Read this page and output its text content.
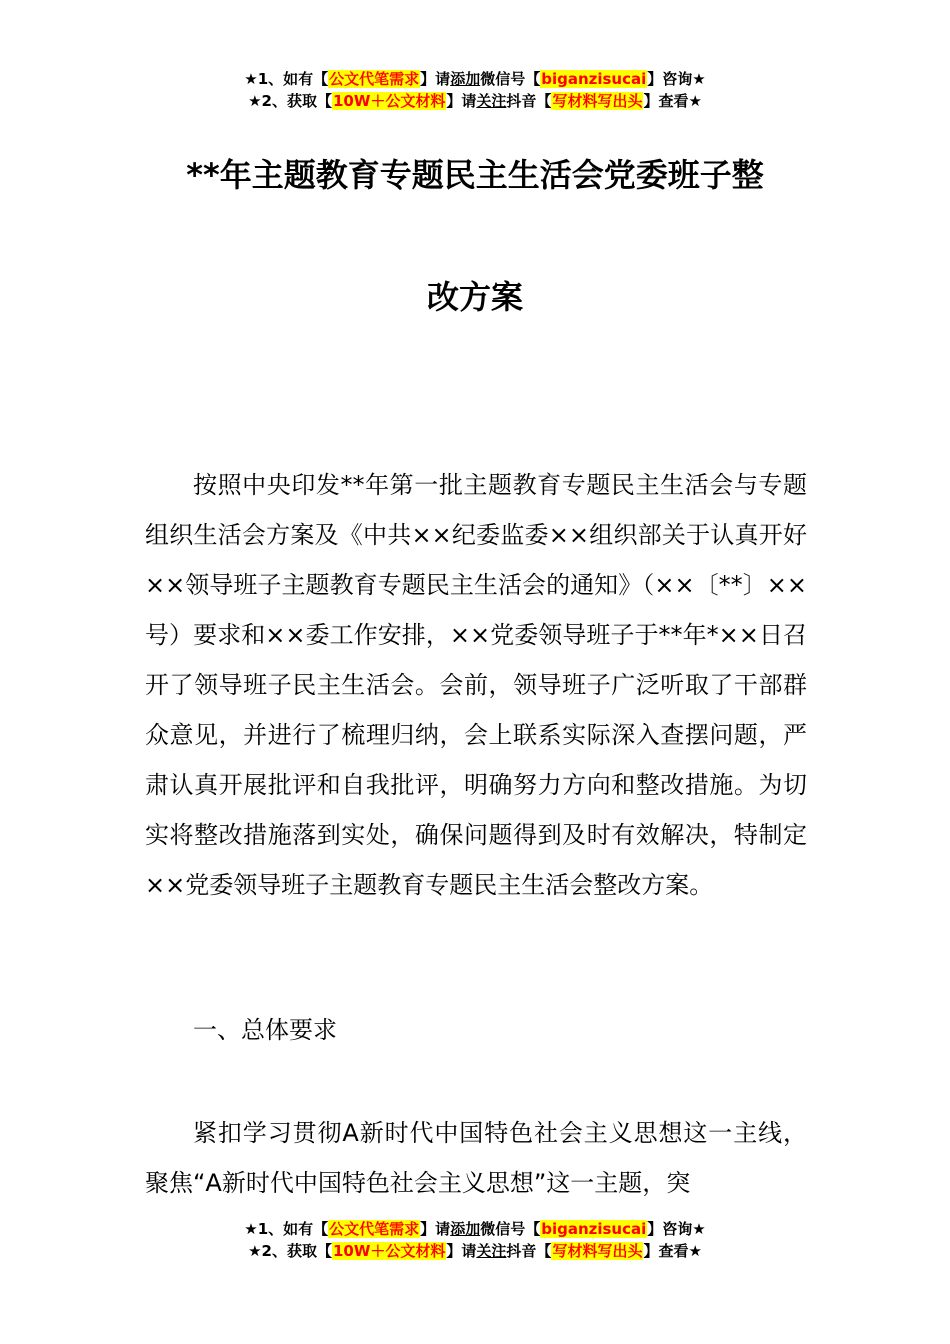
★1、如有【公文代笔需求】请添加微信号【biganzisucai】咨询★
★2、获取【10W＋公文材料】请关注抖音【写材料写出头】查看★
**年主题教育专题民主生活会党委班子整
改方案

按照中央印发**年第一批主题教育专题民主生活会与专题组织生活会方案及《中共××纪委监委××组织部关于认真开好××领导班子主题教育专题民主生活会的通知》（××〔**〕××号）要求和××委工作安排，××党委领导班子于**年*××日召开了领导班子民主生活会。会前，领导班子广泛听取了干部群众意见，并进行了梳理归纳，会上联系实际深入查摆问题，严肃认真开展批评和自我批评，明确努力方向和整改措施。为切实将整改措施落到实处，确保问题得到及时有效解决，特制定××党委领导班子主题教育专题民主生活会整改方案。

一、总体要求

紧扣学习贯彻A新时代中国特色社会主义思想这一主线，聚焦“A新时代中国特色社会主义思想”这一主题，突

★1、如有【公文代笔需求】请添加微信号【biganzisucai】咨询★
★2、获取【10W＋公文材料】请关注抖音【写材料写出头】查看★
